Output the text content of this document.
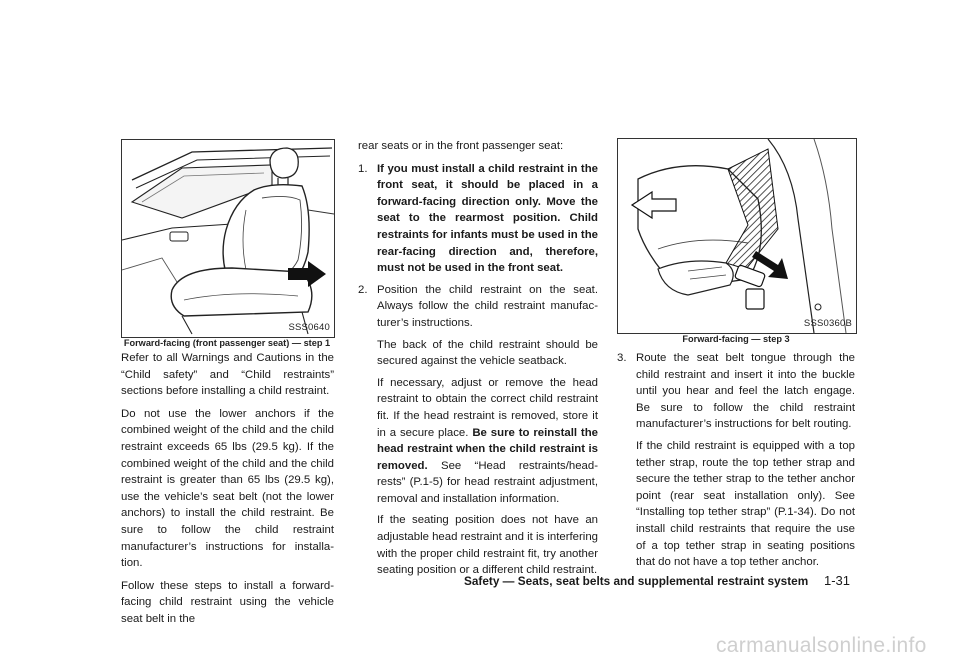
SSS0640
Forward-facing (front passenger seat) — step 1

Refer to all Warnings and Cautions in the “Child safety” and “Child restraints” sections before installing a child restraint.

Do not use the lower anchors if the combined weight of the child and the child restraint exceeds 65 lbs (29.5 kg). If the combined weight of the child and the child restraint is greater than 65 lbs (29.5 kg), use the vehicle’s seat belt (not the lower anchors) to install the child restraint. Be sure to follow the child restraint manufacturer’s instructions for installa- tion.

Follow these steps to install a forward-facing child restraint using the vehicle seat belt in the

rear seats or in the front passenger seat:

1. If you must install a child restraint in the front seat, it should be placed in a forward-facing direction only. Move the seat to the rearmost position. Child restraints for infants must be used in the rear-facing direction and, therefore, must not be used in the front seat.

2. Position the child restraint on the seat. Always follow the child restraint manufac- turer’s instructions.

The back of the child restraint should be secured against the vehicle seatback.

If necessary, adjust or remove the head restraint to obtain the correct child restraint fit. If the head restraint is removed, store it in a secure place. Be sure to reinstall the head restraint when the child restraint is removed. See “Head restraints/head- rests” (P.1-5) for head restraint adjustment, removal and installation information.

If the seating position does not have an adjustable head restraint and it is interfering with the proper child restraint fit, try another seating position or a different child restraint.

SSS0360B
Forward-facing — step 3
3. Route the seat belt tongue through the child restraint and insert it into the buckle until you hear and feel the latch engage. Be sure to follow the child restraint manufacturer’s instructions for belt routing.

If the child restraint is equipped with a top tether strap, route the top tether strap and secure the tether strap to the tether anchor point (rear seat installation only). See “Installing top tether strap” (P.1-34). Do not install child restraints that require the use of a top tether strap in seating positions that do not have a top tether anchor.

Safety — Seats, seat belts and supplemental restraint system 1-31
carmanualsonline.info
